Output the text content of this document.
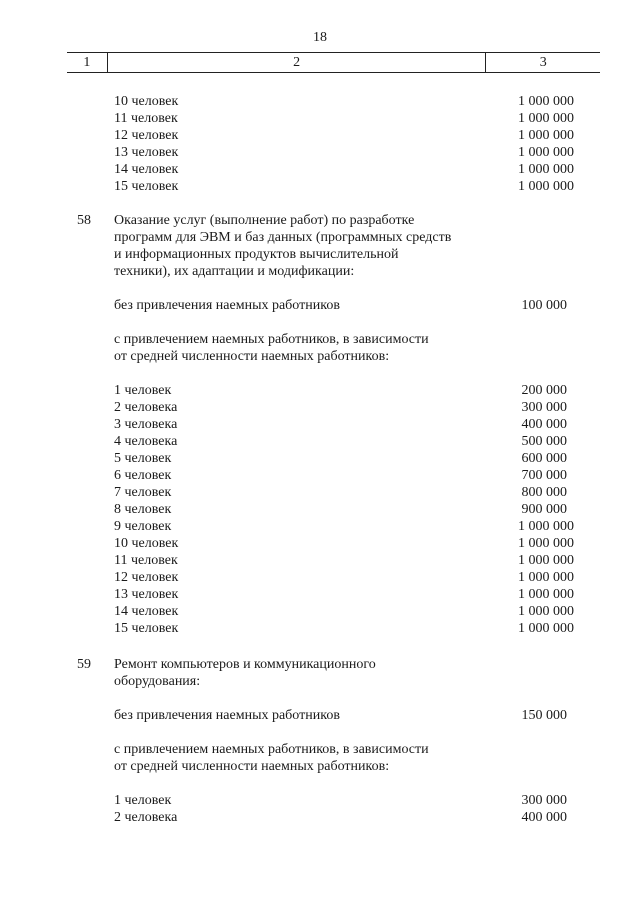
18
1	2	3
10 человек	1 000 000
11 человек	1 000 000
12 человек	1 000 000
13 человек	1 000 000
14 человек	1 000 000
15 человек	1 000 000
58 Оказание услуг (выполнение работ) по разработке
программ для ЭВМ и баз данных (программных средств
и информационных продуктов вычислительной
техники), их адаптации и модификации:
без привлечения наемных работников	100 000
с привлечением наемных работников, в зависимости
от средней численности наемных работников:
1 человек	200 000
2 человека	300 000
3 человека	400 000
4 человека	500 000
5 человек	600 000
6 человек	700 000
7 человек	800 000
8 человек	900 000
9 человек	1 000 000
10 человек	1 000 000
11 человек	1 000 000
12 человек	1 000 000
13 человек	1 000 000
14 человек	1 000 000
15 человек	1 000 000
59 Ремонт компьютеров и коммуникационного
оборудования:
без привлечения наемных работников	150 000
с привлечением наемных работников, в зависимости
от средней численности наемных работников:
1 человек	300 000
2 человека	400 000
